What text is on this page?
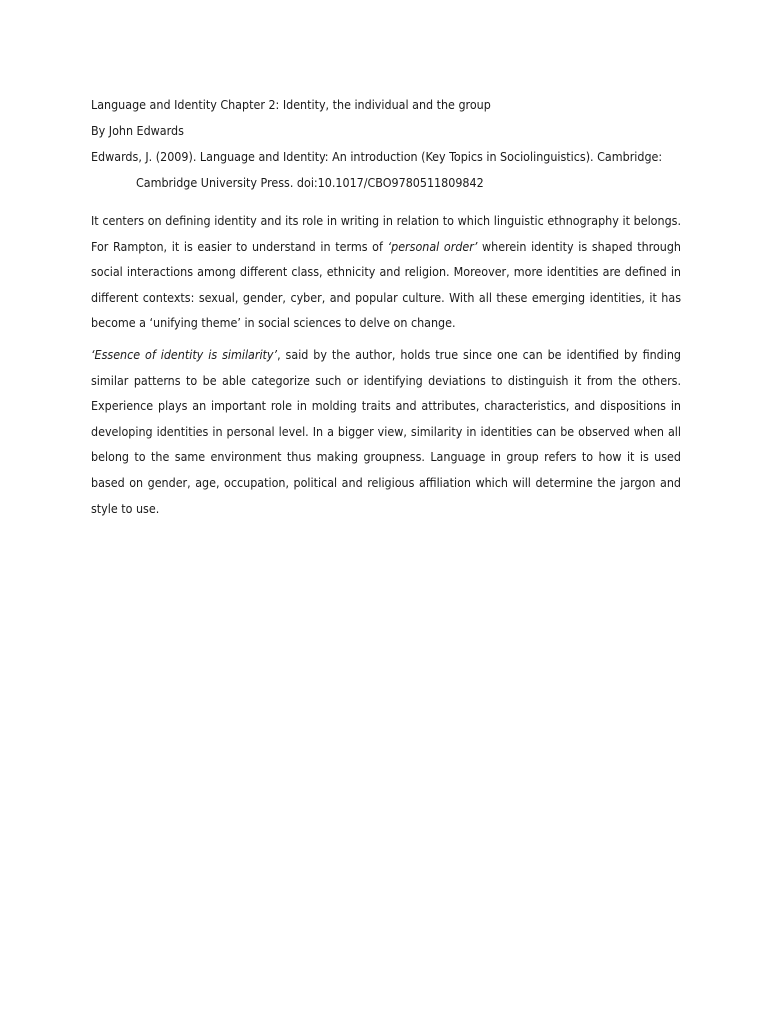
Language and Identity Chapter 2: Identity, the individual and the group

By John Edwards

Edwards, J. (2009). Language and Identity: An introduction (Key Topics in Sociolinguistics). Cambridge:

Cambridge University Press. doi:10.1017/CBO9780511809842

It centers on defining identity and its role in writing in relation to which linguistic ethnography it belongs. For Rampton, it is easier to understand in terms of ‘personal order’ wherein identity is shaped through social interactions among different class, ethnicity and religion. Moreover, more identities are defined in different contexts: sexual, gender, cyber, and popular culture. With all these emerging identities, it has become a ‘unifying theme’ in social sciences to delve on change.

‘Essence of identity is similarity’, said by the author, holds true since one can be identified by finding similar patterns to be able categorize such or identifying deviations to distinguish it from the others. Experience plays an important role in molding traits and attributes, characteristics, and dispositions in developing identities in personal level. In a bigger view, similarity in identities can be observed when all belong to the same environment thus making groupness. Language in group refers to how it is used based on gender, age, occupation, political and religious affiliation which will determine the jargon and style to use.
